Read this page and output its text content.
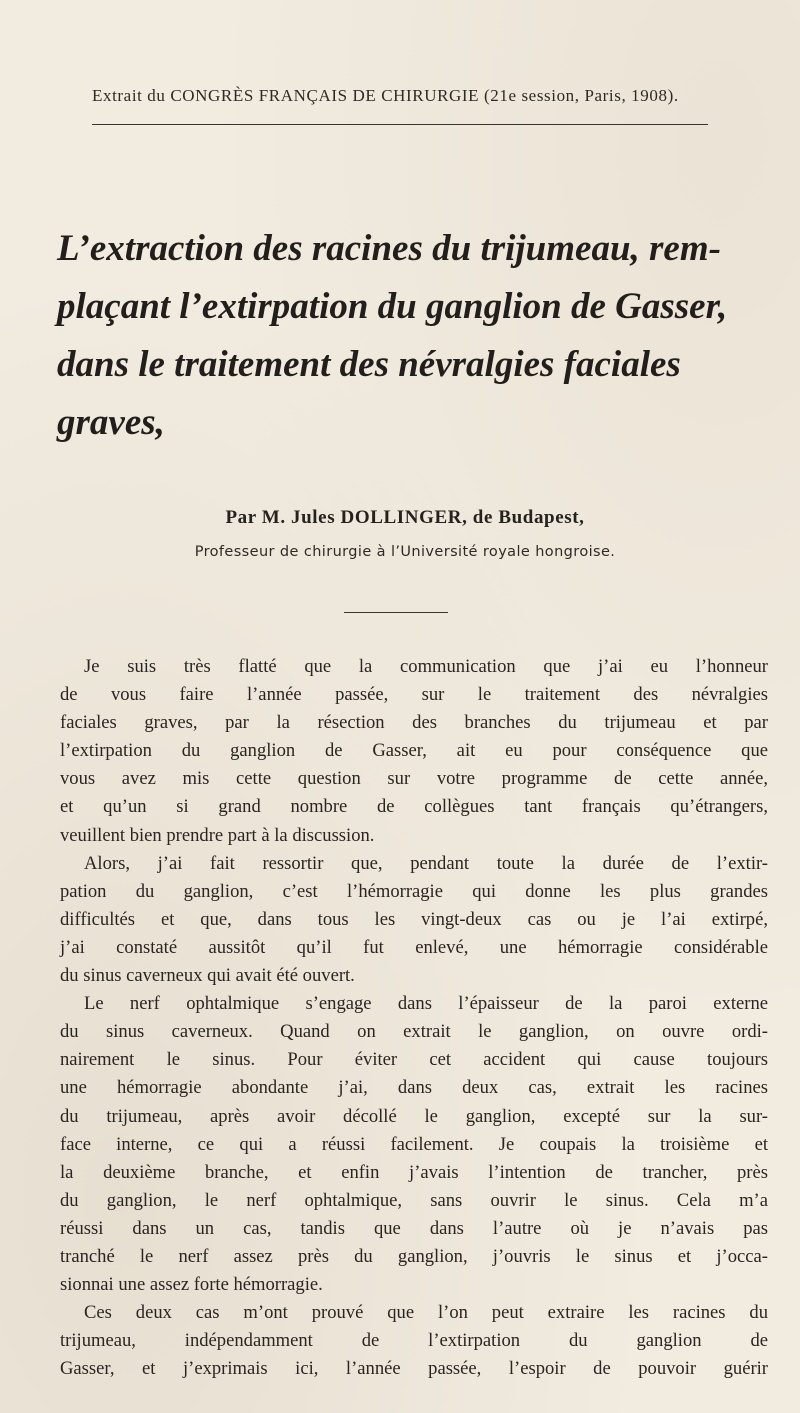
Extrait du CONGRÈS FRANÇAIS DE CHIRURGIE (21e session, Paris, 1908).
L’extraction des racines du trijumeau, rem-
plaçant l’extirpation du ganglion de Gasser,
dans le traitement des névralgies faciales
graves,
Par M. Jules DOLLINGER, de Budapest,
Professeur de chirurgie à l’Université royale hongroise.
Je suis très flatté que la communication que j’ai eu l’honneur
de vous faire l’année passée, sur le traitement des névralgies
faciales graves, par la résection des branches du trijumeau et par
l’extirpation du ganglion de Gasser, ait eu pour conséquence que
vous avez mis cette question sur votre programme de cette année,
et qu’un si grand nombre de collègues tant français qu’étrangers,
veuillent bien prendre part à la discussion.
Alors, j’ai fait ressortir que, pendant toute la durée de l’extir-
pation du ganglion, c’est l’hémorragie qui donne les plus grandes
difficultés et que, dans tous les vingt-deux cas ou je l’ai extirpé,
j’ai constaté aussitôt qu’il fut enlevé, une hémorragie considérable
du sinus caverneux qui avait été ouvert.
Le nerf ophtalmique s’engage dans l’épaisseur de la paroi externe
du sinus caverneux. Quand on extrait le ganglion, on ouvre ordi-
nairement le sinus. Pour éviter cet accident qui cause toujours
une hémorragie abondante j’ai, dans deux cas, extrait les racines
du trijumeau, après avoir décollé le ganglion, excepté sur la sur-
face interne, ce qui a réussi facilement. Je coupais la troisième et
la deuxième branche, et enfin j’avais l’intention de trancher, près
du ganglion, le nerf ophtalmique, sans ouvrir le sinus. Cela m’a
réussi dans un cas, tandis que dans l’autre où je n’avais pas
tranché le nerf assez près du ganglion, j’ouvris le sinus et j’occa-
sionnai une assez forte hémorragie.
Ces deux cas m’ont prouvé que l’on peut extraire les racines du
trijumeau, indépendamment de l’extirpation du ganglion de
Gasser, et j’exprimais ici, l’année passée, l’espoir de pouvoir guérir
